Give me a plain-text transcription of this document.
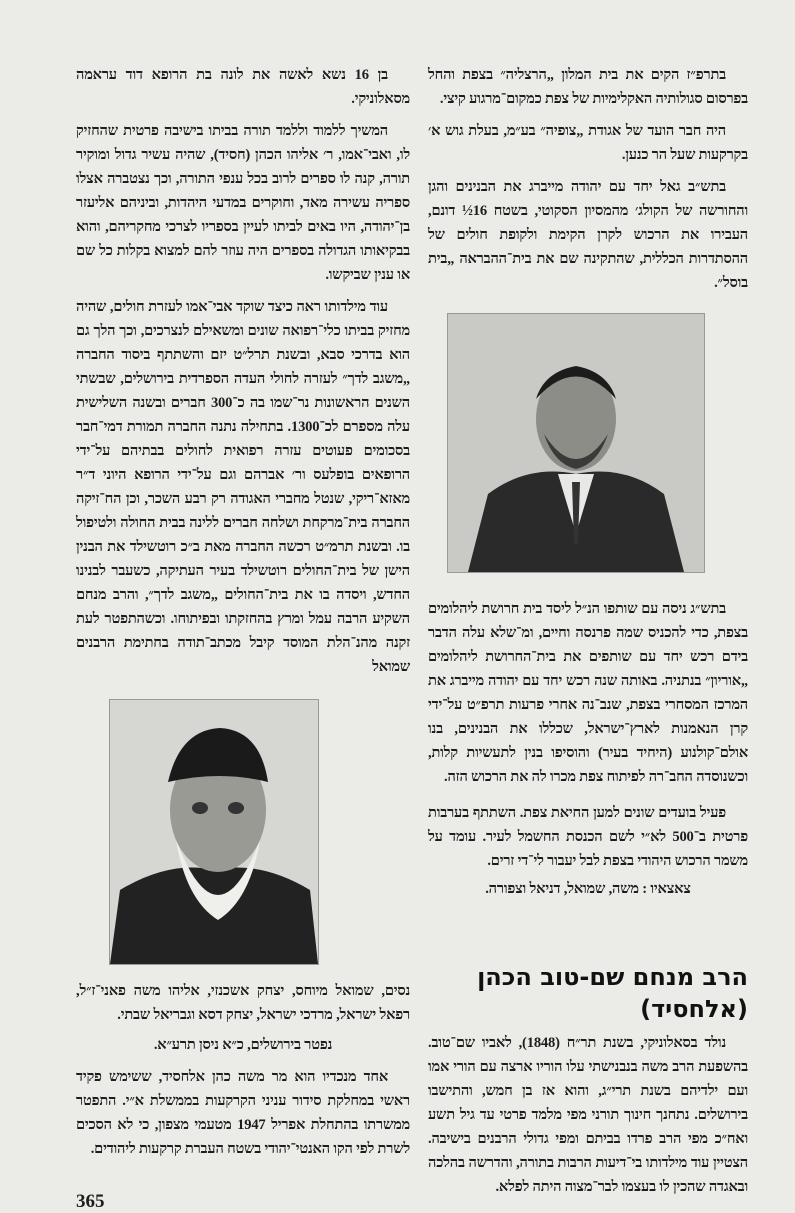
בתרפ״ז הקים את בית המלון „הרצליה״ בצפת והחל בפרסום סגולותיה האקלימיות של צפת כמקום־מרגוע קיצי.

היה חבר הועד של אגודת „צופיה״ בע״מ, בעלת גוש א׳ בקרקעות שעל הר כנען.

בתש״ב גאל יחד עם יהודה מייברג את הבנינים והגן והחורשה של הקולג׳ מהמסיון הסקוטי, בשטח 16½ דונם, העבירו את הרכוש לקרן הקימת ולקופת חולים של ההסתדרות הכללית, שהתקינה שם את בית־ההבראה „בית בוסל״.

בתש״ג ניסה עם שותפו הנ״ל ליסד בית חרושת ליהלומים בצפת, כדי להכניס שמה פרנסה וחיים, ומ־שלא עלה הדבר בידם רכש יחד עם שותפים את בית־החרושת ליהלומים „אוריון״ בנתניה. באותה שנה רכש יחד עם יהודה מייברג את המרכז המסחרי בצפת, שנב־נה אחרי פרעות תרפ״ט על־ידי קרן הנאמנות לארץ־ישראל, שכללו את הבנינים, בנו אולם־קולנוע (היחיד בעיר) והוסיפו בנין לתעשיות קלות, וכשנוסדה החב־רה לפיתוח צפת מכרו לה את הרכוש הזה.

פעיל בועדים שונים למען החיאת צפת. השתתף בערבות פרטית ב־500 לא״י לשם הכנסת החשמל לעיר. עומד על משמר הרכוש היהודי בצפת לבל יעבור לי־די זרים.

צאצאיו : משה, שמואל, דניאל וצפורה.

הרב מנחם שם-טוב הכהן (אלחסיד)

נולד בסאלוניקי, בשנת תר״ח (1848), לאביו שם־טוב. בהשפעת הרב משה בנבנישתי עלו הוריו ארצה עם הורי אמו ועם ילדיהם בשנת תרי״ג, והוא אז בן חמש, והתישבו בירושלים. נתחנך חינוך תורני מפי מלמד פרטי עד גיל תשע ואח״כ מפי הרב פרדו בביתם ומפי גדולי הרבנים בישיבה. הצטיין עוד מילדותו בי־דיעות הרבות בתורה, והדרשה בהלכה ובאגדה שהכין לו בעצמו לבר־מצוה היתה לפלא.

בן 16 נשא לאשה את לונה בת הרופא דוד עראמה מסאלוניקי.

המשיך ללמוד וללמד תורה בביתו בישיבה פרטית שהחזיק לו, ואבי־אמו, ר׳ אליהו הכהן (חסיד), שהיה עשיר גדול ומוקיר תורה, קנה לו ספרים לרוב בכל ענפי התורה, וכך נצטברה אצלו ספריה עשירה מאד, וחוקרים במדעי היהדות, וביניהם אליעזר בן־יהודה, היו באים לביתו לעיין בספריו לצרכי מחקריהם, והוא בבקיאותו הגדולה בספרים היה עוזר להם למצוא בקלות כל שם או ענין שביקשו.

עוד מילדותו ראה כיצד שוקד אבי־אמו לעזרת חולים, שהיה מחזיק בביתו כלי־רפואה שונים ומשאילם לנצרכים, וכך הלך גם הוא בדרכי סבא, ובשנת תרל״ט יזם והשתתף ביסוד החברה „משגב לדך״ לעזרה לחולי העדה הספרדית בירושלים, שבשתי השנים הראשונות נר־שמו בה כ־300 חברים ובשנה השלישית עלה מספרם לכ־1300. בתחילה נתנה החברה תמורת דמי־חבר בסכומים פעוטים עזרה רפואית לחולים בבתיהם על־ידי הרופאים בופלעס ור׳ אברהם וגם על־ידי הרופא היוני ד״ר מאזא־ריקי, שנטל מחברי האגודה רק רבע השכר, וכן הח־זיקה החברה בית־מרקחת ושלחה חברים ללינה בבית החולה ולטיפול בו. ובשנת תרמ״ט רכשה החברה מאת ב״כ רוטשילד את הבנין הישן של בית־החולים רוטשילד בעיר העתיקה, כשעבר לבנינו החדש, ויסדה בו את בית־החולים „משגב לדך״, והרב מנחם השקיע הרבה עמל ומרץ בהחזקתו ובפיתוחו. וכשהתפטר לעת זקנה מהנ־הלת המוסד קיבל מכתב־תודה בחתימת הרבנים שמואל

נסים, שמואל מיוחס, יצחק אשכנזי, אליהו משה פאני־ז״ל, רפאל ישראל, מרדכי ישראל, יצחק דסא וגבריאל שבתי.

נפטר בירושלים, כ״א ניסן תרע״א.

אחד מנכדיו הוא מר משה כהן אלחסיד, ששימש פקיד ראשי במחלקת סידור עניני הקרקעות בממשלת א״י. התפטר ממשרתו בהתחלת אפריל 1947 מטעמי מצפון, כי לא הסכים לשרת לפי הקו האנטי־יהודי בשטח העברת קרקעות ליהודים.

365
